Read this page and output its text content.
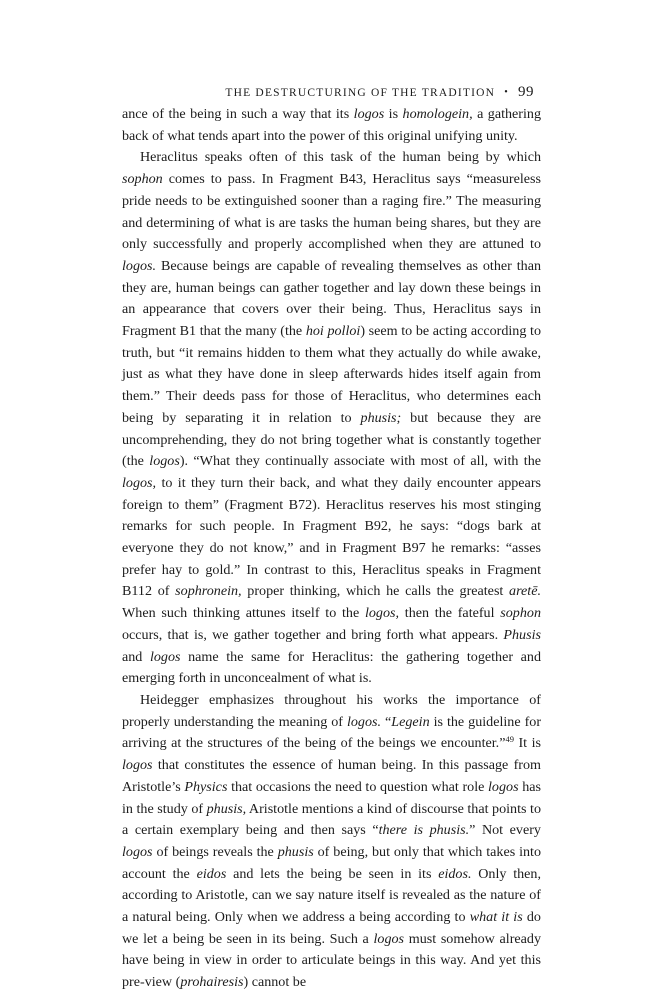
THE DESTRUCTURING OF THE TRADITION • 99

ance of the being in such a way that its logos is homologein, a gathering back of what tends apart into the power of this original unifying unity.

Heraclitus speaks often of this task of the human being by which sophon comes to pass. In Fragment B43, Heraclitus says “measureless pride needs to be extinguished sooner than a raging fire.” The measuring and determining of what is are tasks the human being shares, but they are only successfully and properly accomplished when they are attuned to logos. Because beings are capable of revealing themselves as other than they are, human beings can gather together and lay down these beings in an appearance that covers over their being. Thus, Heraclitus says in Fragment B1 that the many (the hoi polloi) seem to be acting according to truth, but “it remains hidden to them what they actually do while awake, just as what they have done in sleep afterwards hides itself again from them.” Their deeds pass for those of Heraclitus, who determines each being by separating it in relation to phusis; but because they are uncomprehending, they do not bring together what is constantly together (the logos). “What they continually associate with most of all, with the logos, to it they turn their back, and what they daily encounter appears foreign to them” (Fragment B72). Heraclitus reserves his most stinging remarks for such people. In Fragment B92, he says: “dogs bark at everyone they do not know,” and in Fragment B97 he remarks: “asses prefer hay to gold.” In contrast to this, Heraclitus speaks in Fragment B112 of sophronein, proper thinking, which he calls the greatest aretē. When such thinking attunes itself to the logos, then the fateful sophon occurs, that is, we gather together and bring forth what appears. Phusis and logos name the same for Heraclitus: the gathering together and emerging forth in unconcealment of what is.

Heidegger emphasizes throughout his works the importance of properly understanding the meaning of logos. “Legein is the guideline for arriving at the structures of the being of the beings we encounter.”$^{49}$ It is logos that constitutes the essence of human being. In this passage from Aristotle’s Physics that occasions the need to question what role logos has in the study of phusis, Aristotle mentions a kind of discourse that points to a certain exemplary being and then says “there is phusis.” Not every logos of beings reveals the phusis of being, but only that which takes into account the eidos and lets the being be seen in its eidos. Only then, according to Aristotle, can we say nature itself is revealed as the nature of a natural being. Only when we address a being according to what it is do we let a being be seen in its being. Such a logos must somehow already have being in view in order to articulate beings in this way. And yet this pre-view (prohairesis) cannot be
